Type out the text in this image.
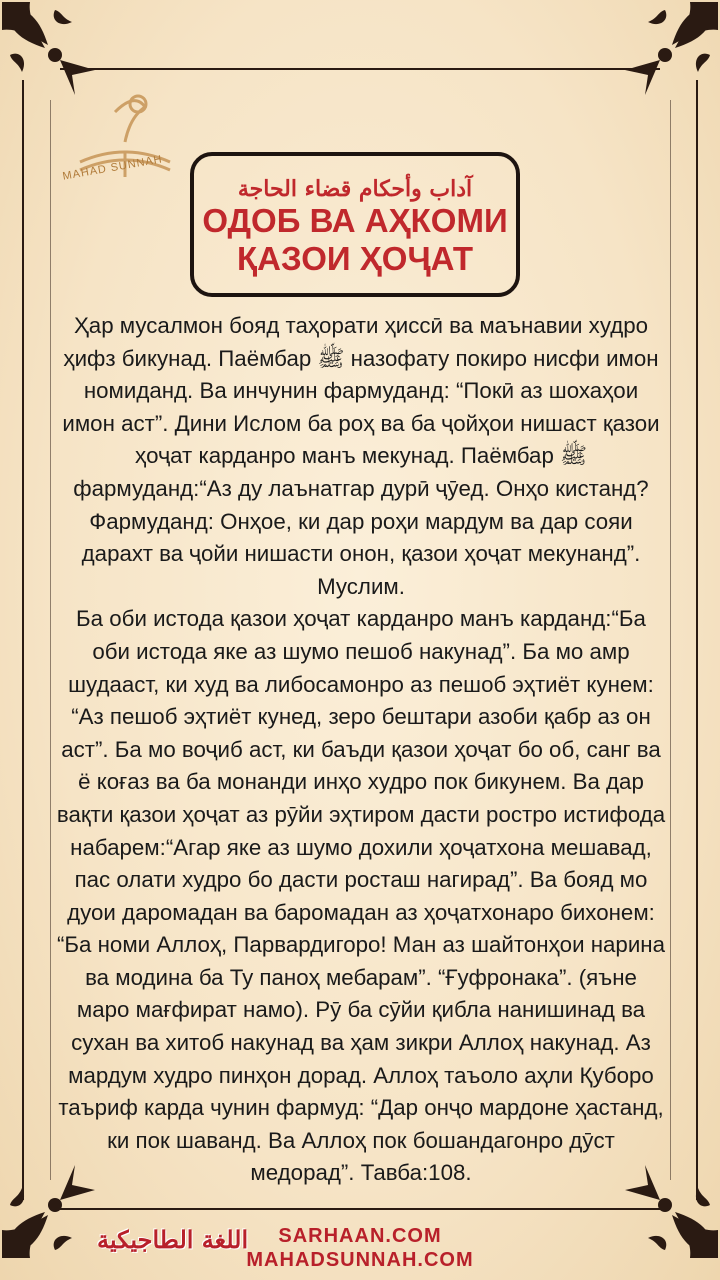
MAHAD SUNNAH
آداب وأحكام قضاء الحاجة
ОДОБ ВА АҲКОМИ
ҚАЗОИ ҲОҶАТ

Ҳар мусалмон бояд таҳорати ҳиссӣ ва маънавии худро ҳифз бикунад. Паёмбар ﷺ назофату покиро нисфи имон номиданд. Ва инчунин фармуданд: “Покӣ аз шохаҳои имон аст”. Дини Ислом ба роҳ ва ба ҷойҳои нишаст қазои ҳоҷат карданро манъ мекунад. Паёмбар ﷺ фармуданд:“Аз ду лаънатгар дурӣ ҷӯед. Онҳо кистанд? Фармуданд: Онҳое, ки дар роҳи мардум ва дар сояи дарахт ва ҷойи нишасти онон, қазои ҳоҷат мекунанд”. Муслим.

Ба оби истода қазои ҳоҷат карданро манъ карданд:“Ба оби истода яке аз шумо пешоб накунад”. Ба мо амр шудааст, ки худ ва либосамонро аз пешоб эҳтиёт кунем: “Аз пешоб эҳтиёт кунед, зеро бештари азоби қабр аз он аст”. Ба мо воҷиб аст, ки баъди қазои ҳоҷат бо об, санг ва ё коғаз ва ба монанди инҳо худро пок бикунем. Ва дар вақти қазои ҳоҷат аз рӯйи эҳтиром дасти ростро истифода набарем:“Агар яке аз шумо дохили ҳоҷатхона мешавад, пас олати худро бо дасти росташ нагирад”. Ва бояд мо дуои даромадан ва баромадан аз ҳоҷатхонаро бихонем: “Ба номи Аллоҳ, Парвардигоро! Ман аз шайтонҳои нарина ва модина ба Ту паноҳ мебарам”. “Ғуфронака”. (яъне маро мағфират намо). Рӯ ба сӯйи қибла нанишинад ва сухан ва хитоб накунад ва ҳам зикри Аллоҳ накунад. Аз мардум худро пинҳон дорад. Аллоҳ таъоло аҳли Қуборо таъриф карда чунин фармуд: “Дар онҷо мардоне ҳастанд, ки пок шаванд. Ва Аллоҳ пок бошандагонро дӯст медорад”. Тавба:108.

اللغة الطاجيكية	SARHAAN.COM
MAHADSUNNAH.COM
